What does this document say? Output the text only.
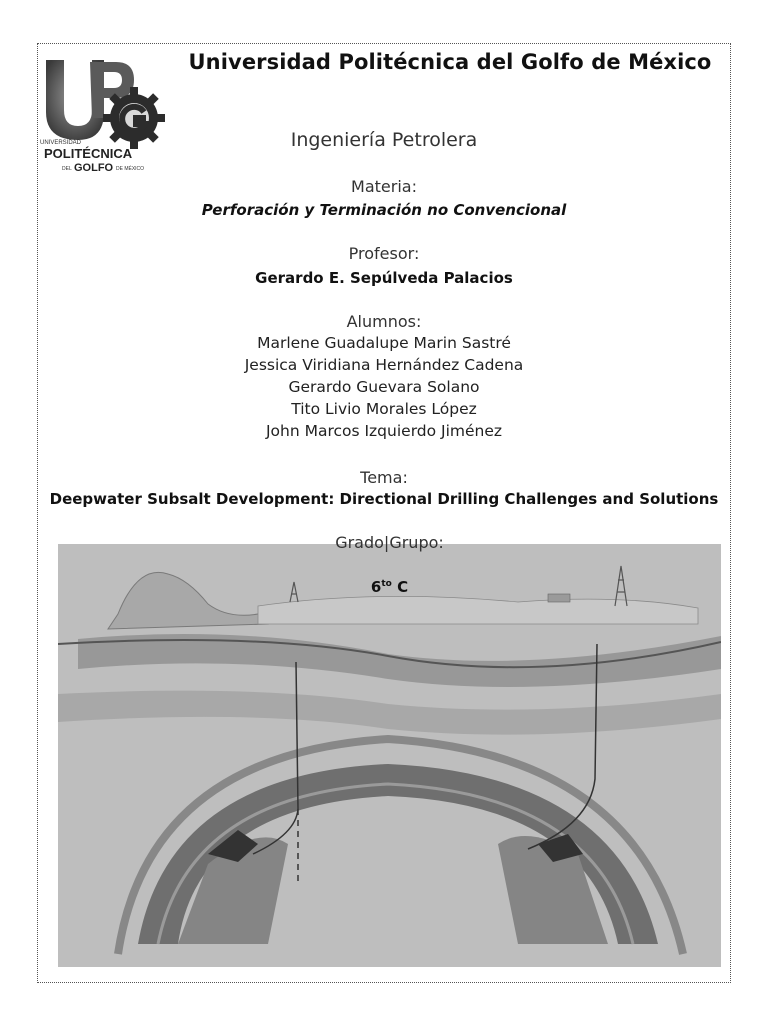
UNIVERSIDAD
POLITÉCNICA
DEL GOLFO DE MÉXICO
Universidad Politécnica del Golfo de México
Ingeniería Petrolera
Materia:
Perforación y Terminación no Convencional
Profesor:
Gerardo E. Sepúlveda Palacios
Alumnos:
Marlene Guadalupe Marin Sastré
Jessica Viridiana Hernández Cadena
Gerardo Guevara Solano
Tito Livio Morales López
John Marcos Izquierdo Jiménez
Tema:
Deepwater Subsalt Development: Directional Drilling Challenges and Solutions
Grado|Grupo:
$6^{to}$ C
